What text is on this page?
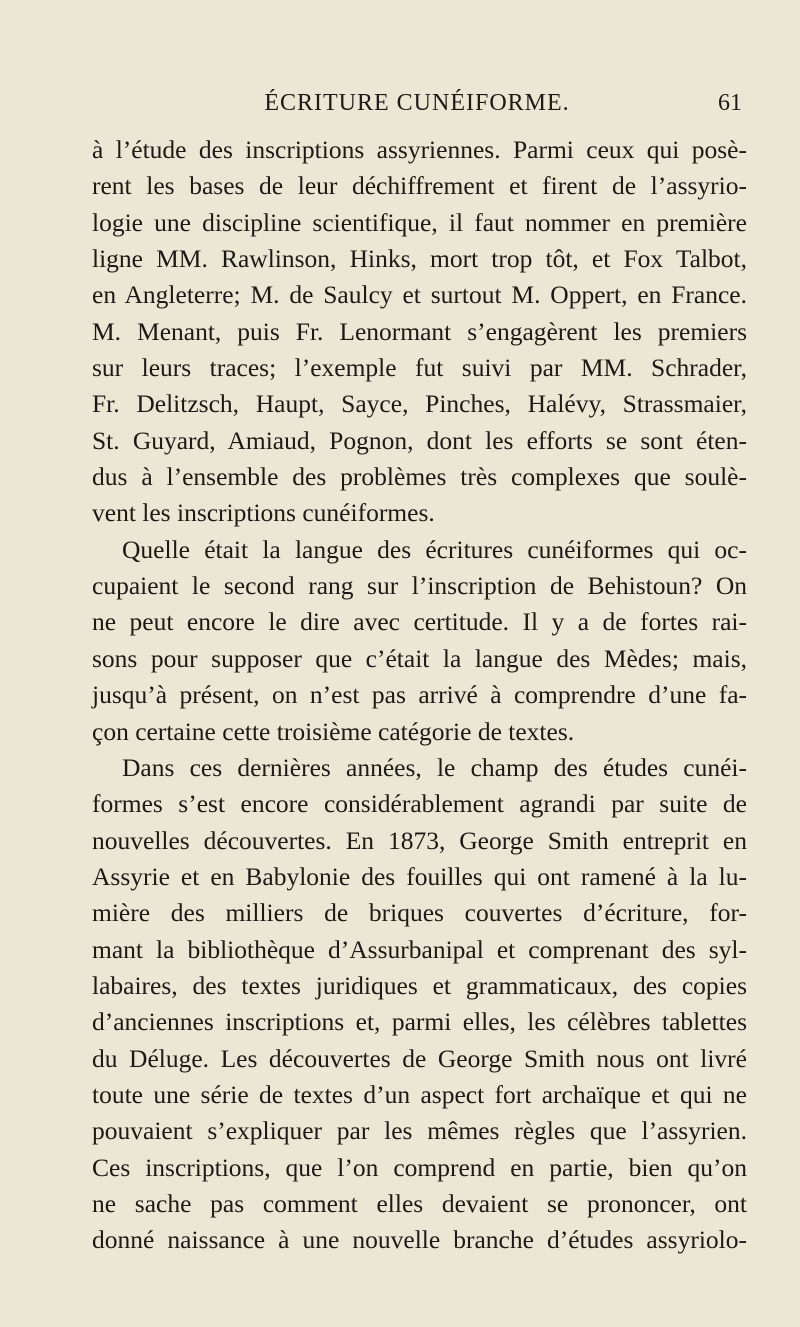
ÉCRITURE CUNÉIFORME.	61
à l’étude des inscriptions assyriennes. Parmi ceux qui posè-
rent les bases de leur déchiffrement et firent de l’assyrio-
logie une discipline scientifique, il faut nommer en première
ligne MM. Rawlinson, Hinks, mort trop tôt, et Fox Talbot,
en Angleterre; M. de Saulcy et surtout M. Oppert, en France.
M. Menant, puis Fr. Lenormant s’engagèrent les premiers
sur leurs traces; l’exemple fut suivi par MM. Schrader,
Fr. Delitzsch, Haupt, Sayce, Pinches, Halévy, Strassmaier,
St. Guyard, Amiaud, Pognon, dont les efforts se sont éten-
dus à l’ensemble des problèmes très complexes que soulè-
vent les inscriptions cunéiformes.
Quelle était la langue des écritures cunéiformes qui oc-
cupaient le second rang sur l’inscription de Behistoun? On
ne peut encore le dire avec certitude. Il y a de fortes rai-
sons pour supposer que c’était la langue des Mèdes; mais,
jusqu’à présent, on n’est pas arrivé à comprendre d’une fa-
çon certaine cette troisième catégorie de textes.
Dans ces dernières années, le champ des études cunéi-
formes s’est encore considérablement agrandi par suite de
nouvelles découvertes. En 1873, George Smith entreprit en
Assyrie et en Babylonie des fouilles qui ont ramené à la lu-
mière des milliers de briques couvertes d’écriture, for-
mant la bibliothèque d’Assurbanipal et comprenant des syl-
labaires, des textes juridiques et grammaticaux, des copies
d’anciennes inscriptions et, parmi elles, les célèbres tablettes
du Déluge. Les découvertes de George Smith nous ont livré
toute une série de textes d’un aspect fort archaïque et qui ne
pouvaient s’expliquer par les mêmes règles que l’assyrien.
Ces inscriptions, que l’on comprend en partie, bien qu’on
ne sache pas comment elles devaient se prononcer, ont
donné naissance à une nouvelle branche d’études assyriolo-
